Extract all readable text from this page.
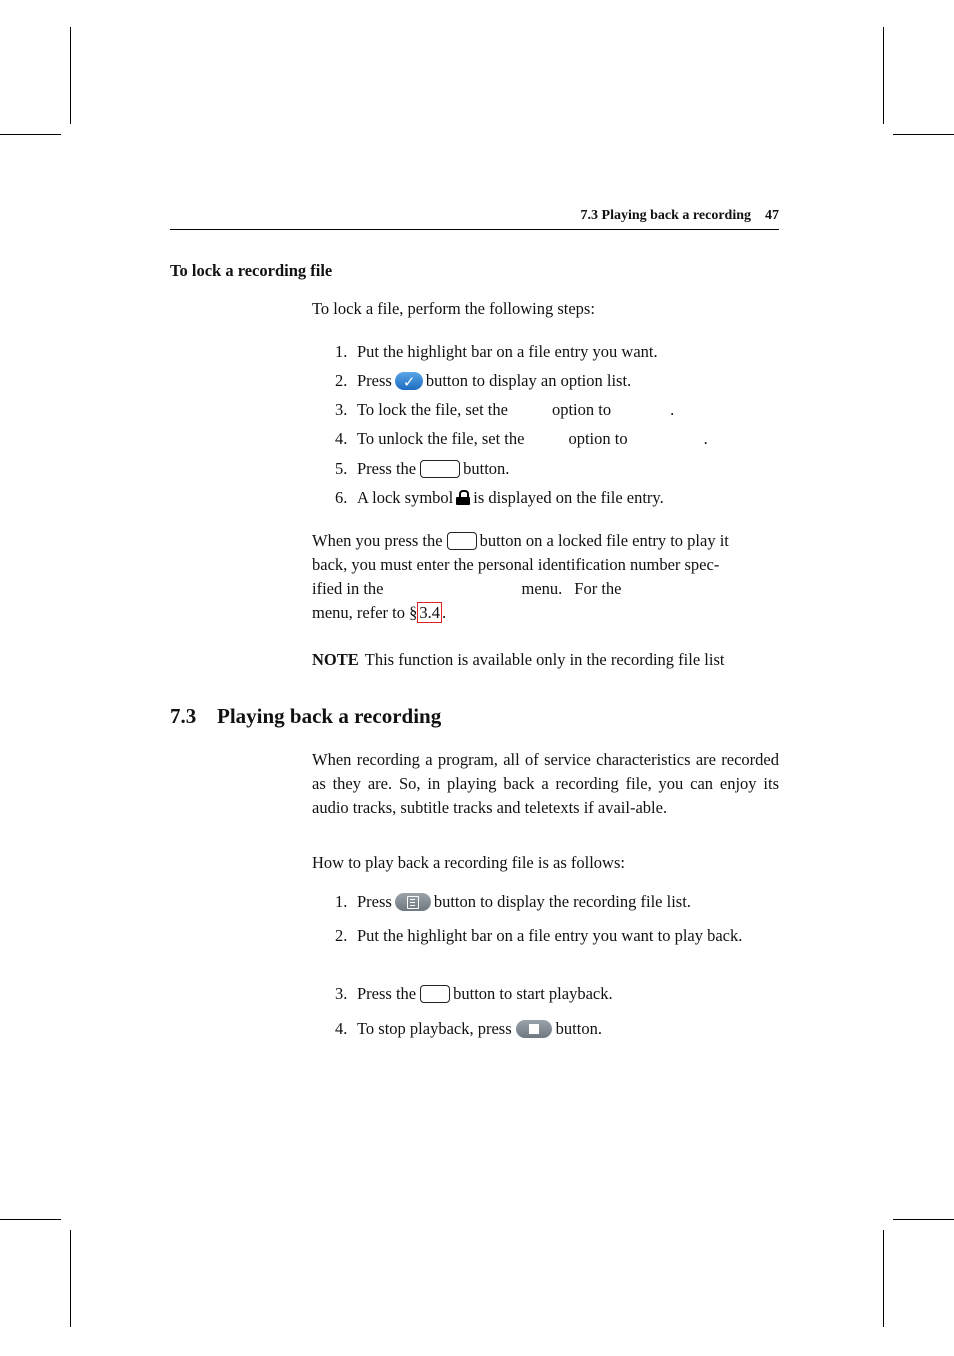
7.3 Playing back a recording 47
To lock a recording file
To lock a file, perform the following steps:
1. Put the highlight bar on a file entry you want.
2. Press✓ button to display an option list.
3. To lock the file, set the	option to	.
4. To unlock the file, set the	option to	.
5. Press the	button.
6. A lock symbol is displayed on the file entry.
When you press the button on a locked file entry to play it
back, you must enter the personal identification number spec-
ified in the	menu. For the
menu, refer to § 3.4 .
NOTE This function is available only in the recording file list
7.3 Playing back a recording
When recording a program, all of service characteristics are recorded as they are. So, in playing back a recording file, you can enjoy its audio tracks, subtitle tracks and teletexts if avail-able.
How to play back a recording file is as follows:
1. Press	button to display the recording file list.
2. Put the highlight bar on a file entry you want to play back.
3. Press the button to start playback.
4. To stop playback, press	button.
